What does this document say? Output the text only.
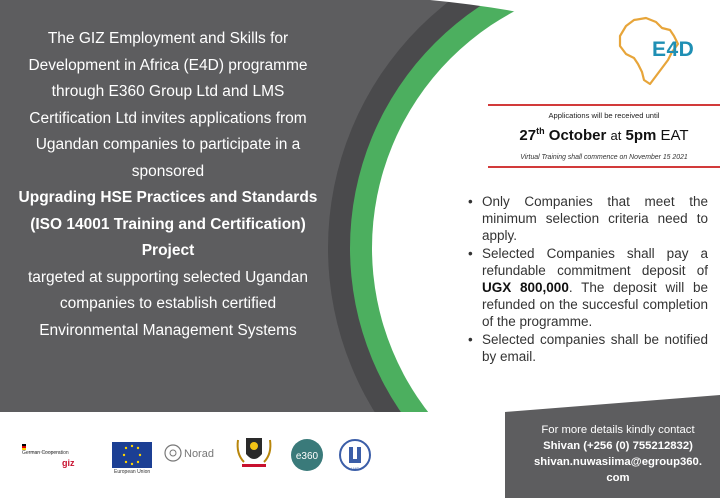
The GIZ Employment and Skills for

Development in Africa (E4D) programme

through E360 Group Ltd and LMS

Certification Ltd invites applications from

Ugandan companies to participate in a

sponsored

Upgrading HSE Practices and Standards

(ISO 14001 Training and Certification)

Project

targeted at supporting selected Ugandan

companies to establish certified

Environmental Management Systems

E4D
Applications will be received until
27th October at 5pm EAT
Virtual Training shall commence on November 15 2021
• Only Companies that meet the minimum selection criteria need to apply.
• Selected Companies shall pay a refundable commitment deposit of UGX 800,000. The deposit will be refunded on the succesful completion of the programme.
• Selected companies shall be notified by email.
For more details kindly contact
Shivan (+256 (0) 755212832)
shivan.nuwasiima@egroup360.
com
German Cooperation
giz
European Union
Norad	e360
LMS
